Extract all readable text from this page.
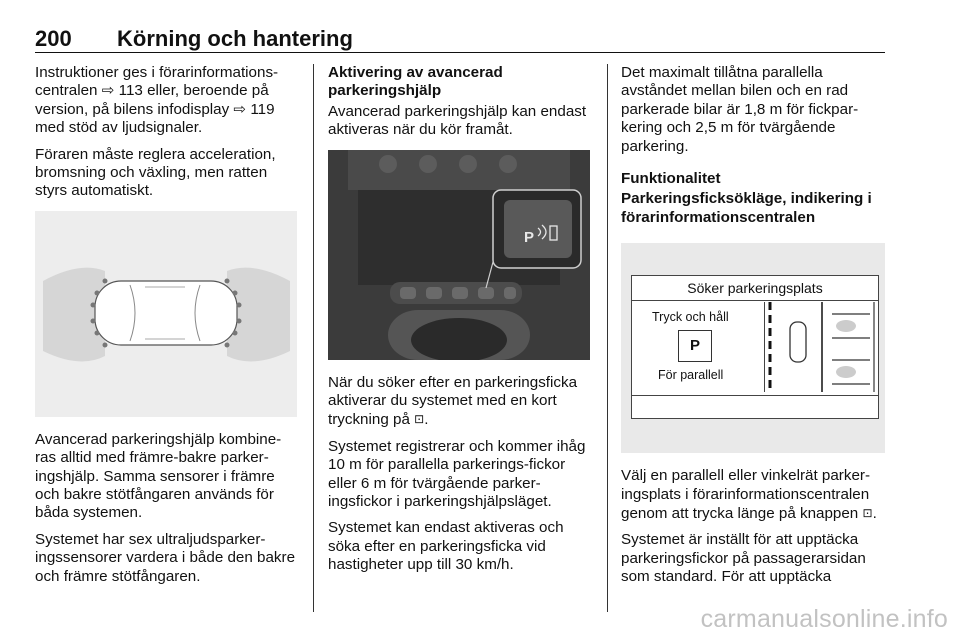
200 Körning och hantering

Instruktioner ges i förarinformations-centralen ⇨ 113 eller, beroende på version, på bilens infodisplay ⇨ 119 med stöd av ljudsignaler.

Föraren måste reglera acceleration, bromsning och växling, men ratten styrs automatiskt.

Avancerad parkeringshjälp kombine-ras alltid med främre-bakre parker-ingshjälp. Samma sensorer i främre och bakre stötfångaren används för båda systemen.

Systemet har sex ultraljudsparker-ingssensorer vardera i både den bakre och främre stötfångaren.

Aktivering av avancerad parkeringshjälp

Avancerad parkeringshjälp kan endast aktiveras när du kör framåt.

P

När du söker efter en parkeringsficka aktiverar du systemet med en kort tryckning på ⊡.

Systemet registrerar och kommer ihåg 10 m för parallella parkerings-fickor eller 6 m för tvärgående parker-ingsfickor i parkeringshjälpsläget.

Systemet kan endast aktiveras och söka efter en parkeringsficka vid hastigheter upp till 30 km/h.

Det maximalt tillåtna parallella avståndet mellan bilen och en rad parkerade bilar är 1,8 m för fickpar-kering och 2,5 m för tvärgående parkering.

Funktionalitet

Parkeringsficksökläge, indikering i förarinformationscentralen

Söker parkeringsplats
Tryck och håll
P
För parallell

Välj en parallell eller vinkelrät parker-ingsplats i förarinformationscentralen genom att trycka länge på knappen ⊡.

Systemet är inställt för att upptäcka parkeringsfickor på passagerarsidan som standard. För att upptäcka

carmanualsonline.info
